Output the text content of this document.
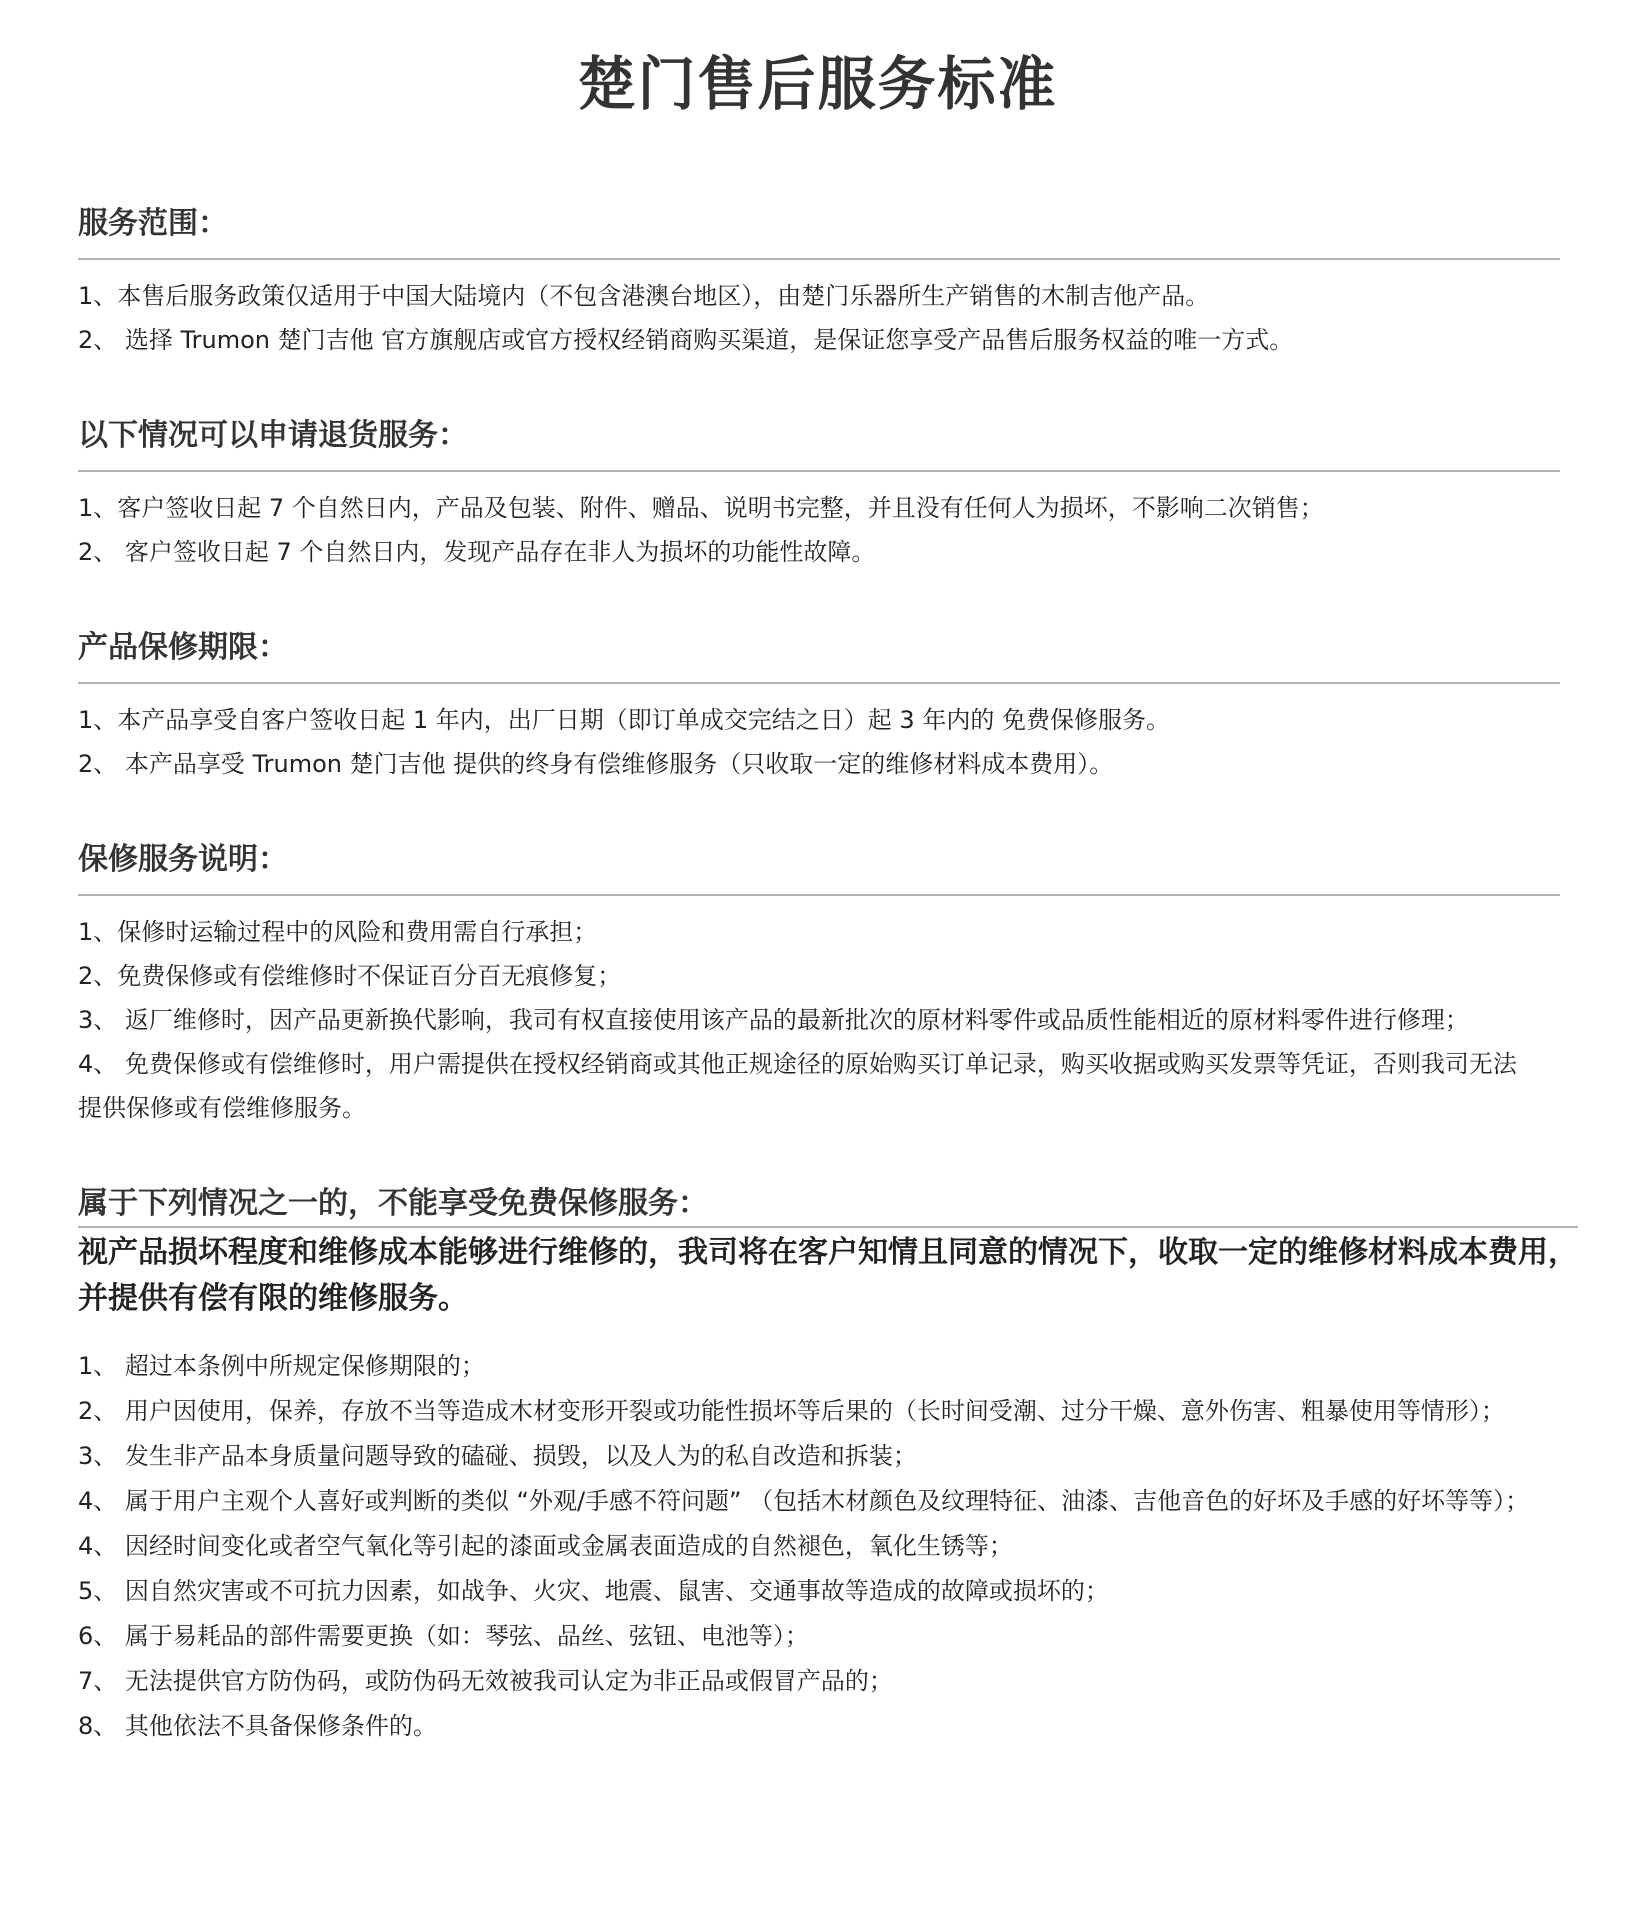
楚门售后服务标准
服务范围：
1、本售后服务政策仅适用于中国大陆境内（不包含港澳台地区），由楚门乐器所生产销售的木制吉他产品。
2、 选择 Trumon 楚门吉他 官方旗舰店或官方授权经销商购买渠道，是保证您享受产品售后服务权益的唯一方式。
以下情况可以申请退货服务：
1、客户签收日起 7 个自然日内，产品及包装、附件、赠品、说明书完整，并且没有任何人为损坏，不影响二次销售；
2、 客户签收日起 7 个自然日内，发现产品存在非人为损坏的功能性故障。
产品保修期限：
1、本产品享受自客户签收日起 1 年内，出厂日期（即订单成交完结之日）起 3 年内的 免费保修服务。
2、 本产品享受 Trumon 楚门吉他 提供的终身有偿维修服务（只收取一定的维修材料成本费用）。
保修服务说明：
1、保修时运输过程中的风险和费用需自行承担；
2、免费保修或有偿维修时不保证百分百无痕修复；
3、 返厂维修时，因产品更新换代影响，我司有权直接使用该产品的最新批次的原材料零件或品质性能相近的原材料零件进行修理；
4、 免费保修或有偿维修时，用户需提供在授权经销商或其他正规途径的原始购买订单记录，购买收据或购买发票等凭证，否则我司无法提供保修或有偿维修服务。
属于下列情况之一的，不能享受免费保修服务：

视产品损坏程度和维修成本能够进行维修的，我司将在客户知情且同意的情况下，收取一定的维修材料成本费用，并提供有偿有限的维修服务。

1、 超过本条例中所规定保修期限的；
2、 用户因使用，保养，存放不当等造成木材变形开裂或功能性损坏等后果的（长时间受潮、过分干燥、意外伤害、粗暴使用等情形）；
3、 发生非产品本身质量问题导致的磕碰、损毁，以及人为的私自改造和拆装；
4、 属于用户主观个人喜好或判断的类似 “外观/手感不符问题” （包括木材颜色及纹理特征、油漆、吉他音色的好坏及手感的好坏等等）；
4、 因经时间变化或者空气氧化等引起的漆面或金属表面造成的自然褪色，氧化生锈等；
5、 因自然灾害或不可抗力因素，如战争、火灾、地震、鼠害、交通事故等造成的故障或损坏的；
6、 属于易耗品的部件需要更换（如：琴弦、品丝、弦钮、电池等）；
7、 无法提供官方防伪码，或防伪码无效被我司认定为非正品或假冒产品的；
8、 其他依法不具备保修条件的。
